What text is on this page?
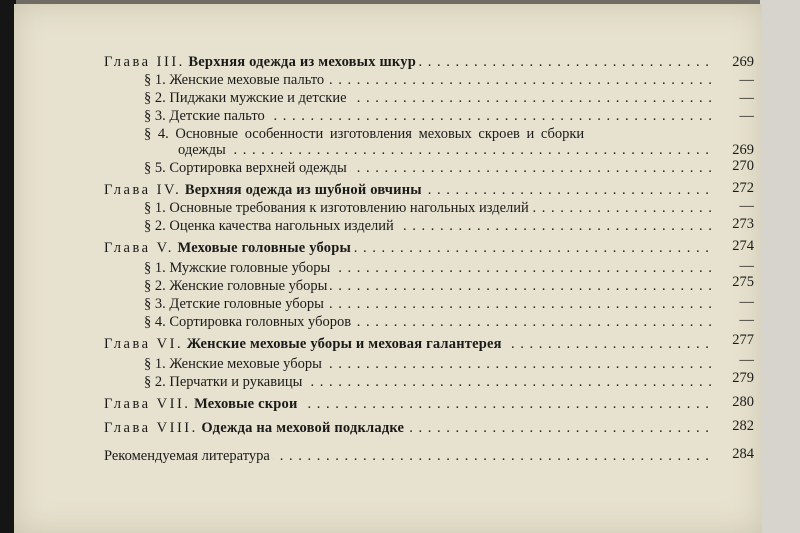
Глава III. Верхняя одежда из меховых шкур . . .	269
§ 1. Женские меховые пальто . . .	—
§ 2. Пиджаки мужские и детские . . .	—
§ 3. Детские пальто . . .	—
§ 4. Основные особенности изготовления меховых скроев и сборки
одежды . . .	269
§ 5. Сортировка верхней одежды . . .	270
Глава IV. Верхняя одежда из шубной овчины . . .	272
§ 1. Основные требования к изготовлению нагольных изделий . . .	—
§ 2. Оценка качества нагольных изделий . . .	273
Глава V. Меховые головные уборы . . .	274
§ 1. Мужские головные уборы . . .	—
§ 2. Женские головные уборы . . .	275
§ 3. Детские головные уборы . . .	—
§ 4. Сортировка головных уборов . . .	—
Глава VI. Женские меховые уборы и меховая галантерея . . .	277
§ 1. Женские меховые уборы . . .	—
§ 2. Перчатки и рукавицы . . .	279
Глава VII. Меховые скрои . . .	280
Глава VIII. Одежда на меховой подкладке . . .	282
Рекомендуемая литература . . .	284
